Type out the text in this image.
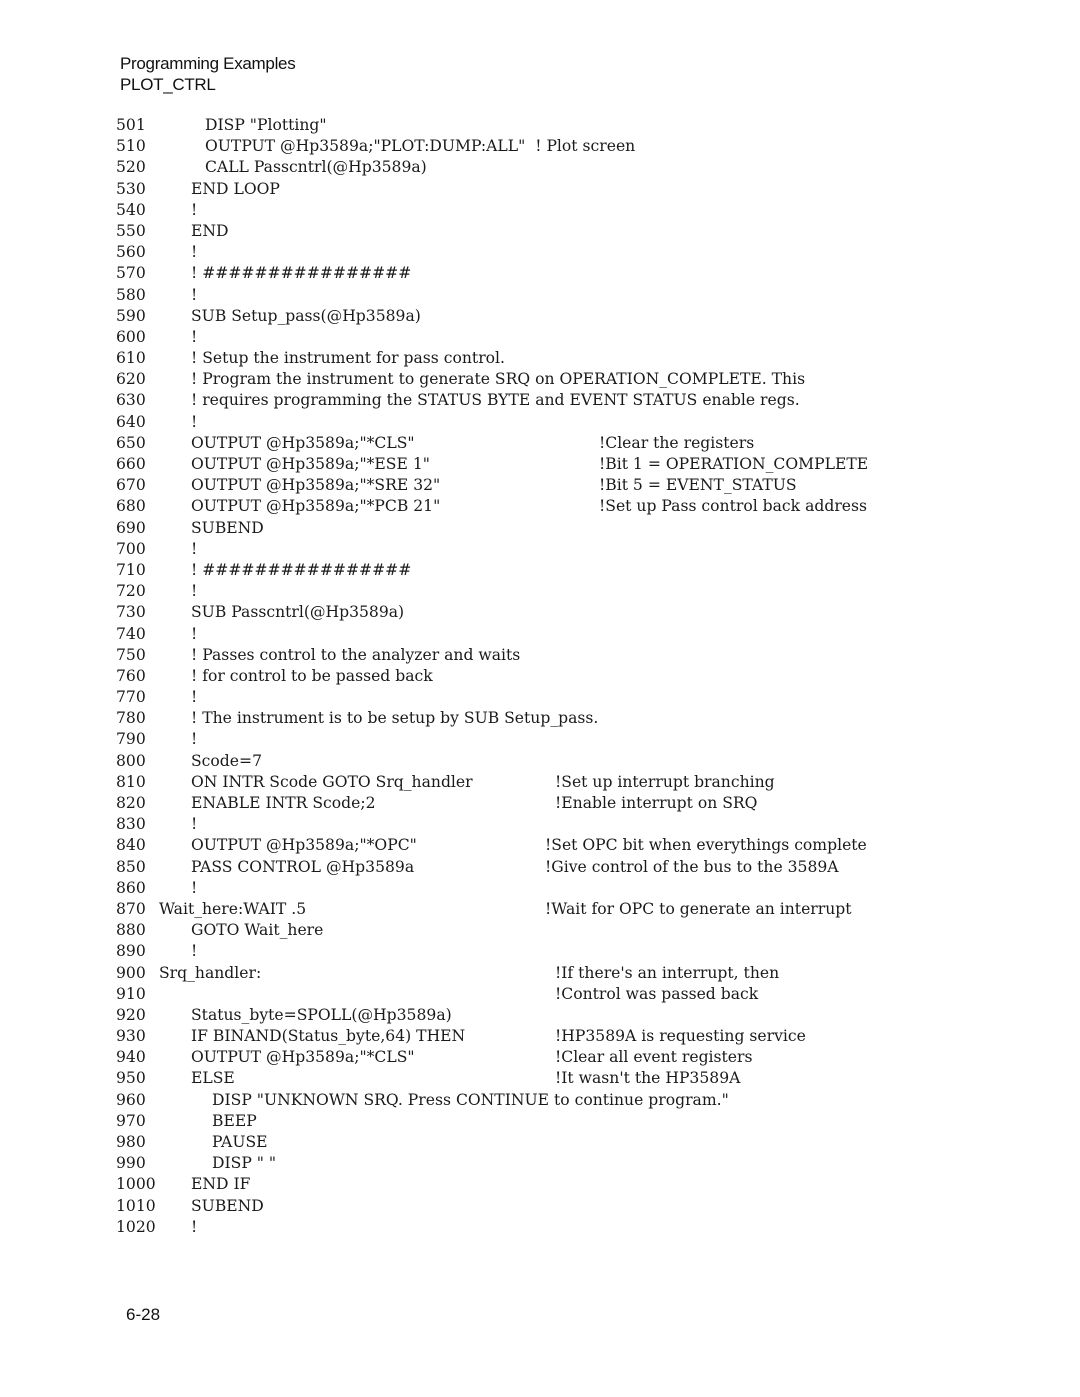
Programming Examples
PLOT_CTRL
501	DISP "Plotting"
510	OUTPUT @Hp3589a;"PLOT:DUMP:ALL"  ! Plot screen
520	CALL Passcntrl(@Hp3589a)
530	END LOOP
540	!
550	END
560	!
570	! ################
580	!
590	SUB Setup_pass(@Hp3589a)
600	!
610	! Setup the instrument for pass control.
620	! Program the instrument to generate SRQ on OPERATION_COMPLETE. This
630	! requires programming the STATUS BYTE and EVENT STATUS enable regs.
640	!
650	OUTPUT @Hp3589a;"*CLS"	!Clear the registers
660	OUTPUT @Hp3589a;"*ESE 1"	!Bit 1 = OPERATION_COMPLETE
670	OUTPUT @Hp3589a;"*SRE 32"	!Bit 5 = EVENT_STATUS
680	OUTPUT @Hp3589a;"*PCB 21"	!Set up Pass control back address
690	SUBEND
700	!
710	! ################
720	!
730	SUB Passcntrl(@Hp3589a)
740	!
750	! Passes control to the analyzer and waits
760	! for control to be passed back
770	!
780	! The instrument is to be setup by SUB Setup_pass.
790	!
800	Scode=7
810	ON INTR Scode GOTO Srq_handler	!Set up interrupt branching
820	ENABLE INTR Scode;2	!Enable interrupt on SRQ
830	!
840	OUTPUT @Hp3589a;"*OPC"	!Set OPC bit when everythings complete
850	PASS CONTROL @Hp3589a	!Give control of the bus to the 3589A
860	!
870 Wait_here:WAIT .5	!Wait for OPC to generate an interrupt
880	GOTO Wait_here
890	!
900 Srq_handler:	!If there's an interrupt, then
910	!Control was passed back
920	Status_byte=SPOLL(@Hp3589a)
930	IF BINAND(Status_byte,64) THEN	!HP3589A is requesting service
940	OUTPUT @Hp3589a;"*CLS"	!Clear all event registers
950	ELSE	!It wasn't the HP3589A
960	DISP "UNKNOWN SRQ. Press CONTINUE to continue program."
970	BEEP
980	PAUSE
990	DISP " "
1000 END IF
1010 SUBEND
1020 !
6-28
